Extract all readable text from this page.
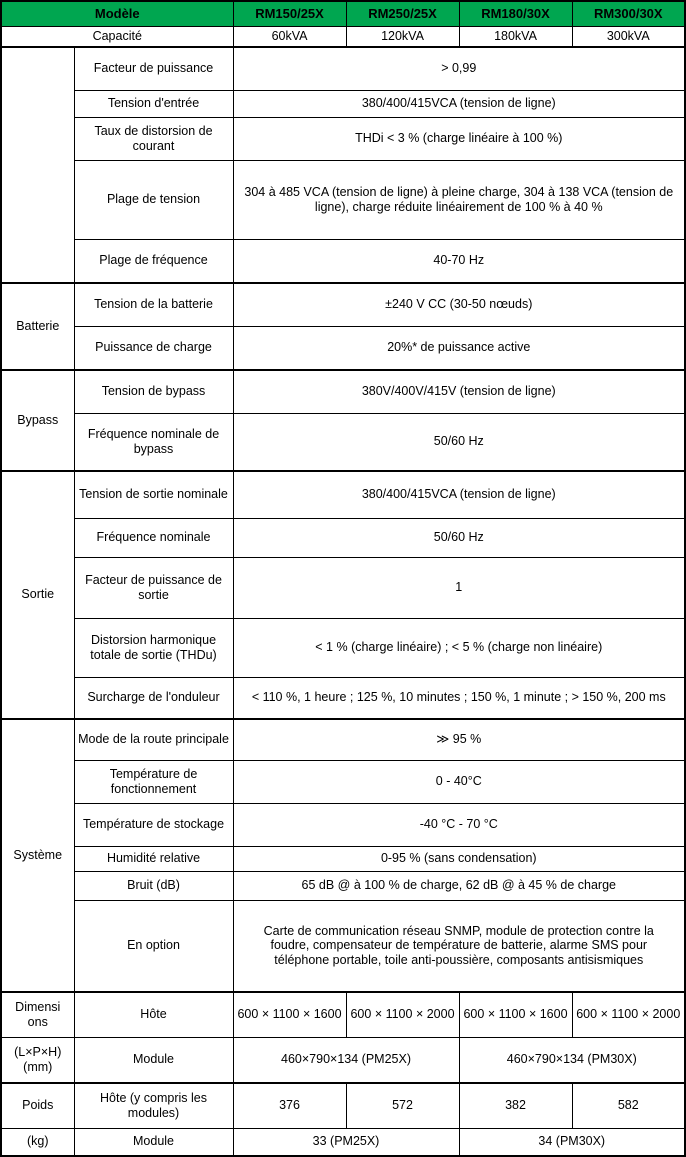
Modèle		RM150/25X	RM250/25X	RM180/30X	RM300/30X
Capacité		60kVA	120kVA	180kVA	300kVA
	Facteur de puissance	> 0,99			
	Tension d'entrée	380/400/415VCA (tension de ligne)			
	Taux de distorsion de courant	THDi < 3 % (charge linéaire à 100 %)			
	Plage de tension	304 à 485 VCA (tension de ligne) à pleine charge, 304 à 138 VCA (tension de ligne), charge réduite linéairement de 100 % à 40 %			
	Plage de fréquence	40-70 Hz			
Batterie	Tension de la batterie	±240 V CC (30-50 nœuds)			
	Puissance de charge	20%* de puissance active			
Bypass	Tension de bypass	380V/400V/415V (tension de ligne)			
	Fréquence nominale de bypass	50/60 Hz			
Sortie	Tension de sortie nominale	380/400/415VCA (tension de ligne)			
	Fréquence nominale	50/60 Hz			
	Facteur de puissance de sortie	1			
	Distorsion harmonique totale de sortie (THDu)	< 1 % (charge linéaire) ; < 5 % (charge non linéaire)			
	Surcharge de l'onduleur	< 110 %, 1 heure ; 125 %, 10 minutes ; 150 %, 1 minute ; > 150 %, 200 ms			
Système	Mode de la route principale	≫ 95 %			
	Température de fonctionnement	0 - 40°C			
	Température de stockage	-40 °C - 70 °C			
	Humidité relative	0-95 % (sans condensation)			
	Bruit (dB)	65 dB @ à 100 % de charge, 62 dB @ à 45 % de charge			
	En option	Carte de communication réseau SNMP, module de protection contre la foudre, compensateur de température de batterie, alarme SMS pour téléphone portable, toile anti-poussière, composants antisismiques			

Dimensi
ons	Hôte	600 × 1100 × 1600	600 × 1100 × 2000	600 × 1100 × 1600	600 × 1100 × 2000

(L×P×H)
(mm)	Module	460×790×134 (PM25X)		460×790×134 (PM30X)	
Poids	Hôte (y compris les modules)	376	572	382	582
(kg)	Module	33 (PM25X)		34 (PM30X)	
